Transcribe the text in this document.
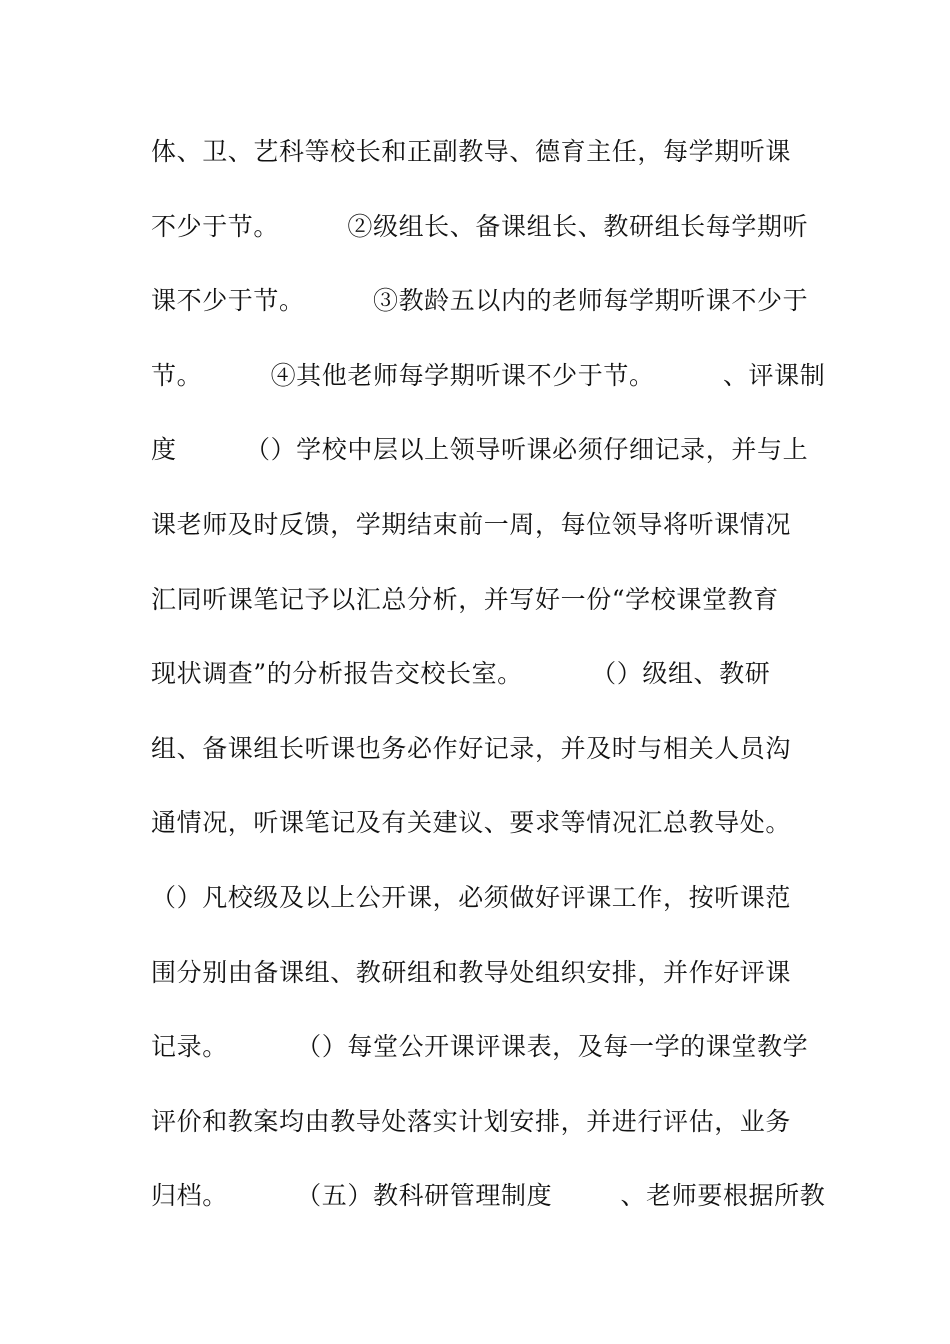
体、卫、艺科等校长和正副教导、德育主任，每学期听课
不少于节。        ②级组长、备课组长、教研组长每学期听
课不少于节。        ③教龄五以内的老师每学期听课不少于
节。        ④其他老师每学期听课不少于节。        、评课制
度        （）学校中层以上领导听课必须仔细记录，并与上
课老师及时反馈，学期结束前一周，每位领导将听课情况
汇同听课笔记予以汇总分析，并写好一份“学校课堂教育
现状调查”的分析报告交校长室。        （）级组、教研
组、备课组长听课也务必作好记录，并及时与相关人员沟
通情况，听课笔记及有关建议、要求等情况汇总教导处。
（）凡校级及以上公开课，必须做好评课工作，按听课范
围分别由备课组、教研组和教导处组织安排，并作好评课
记录。        （）每堂公开课评课表，及每一学的课堂教学
评价和教案均由教导处落实计划安排，并进行评估，业务
归档。        （五）教科研管理制度        、老师要根据所教
